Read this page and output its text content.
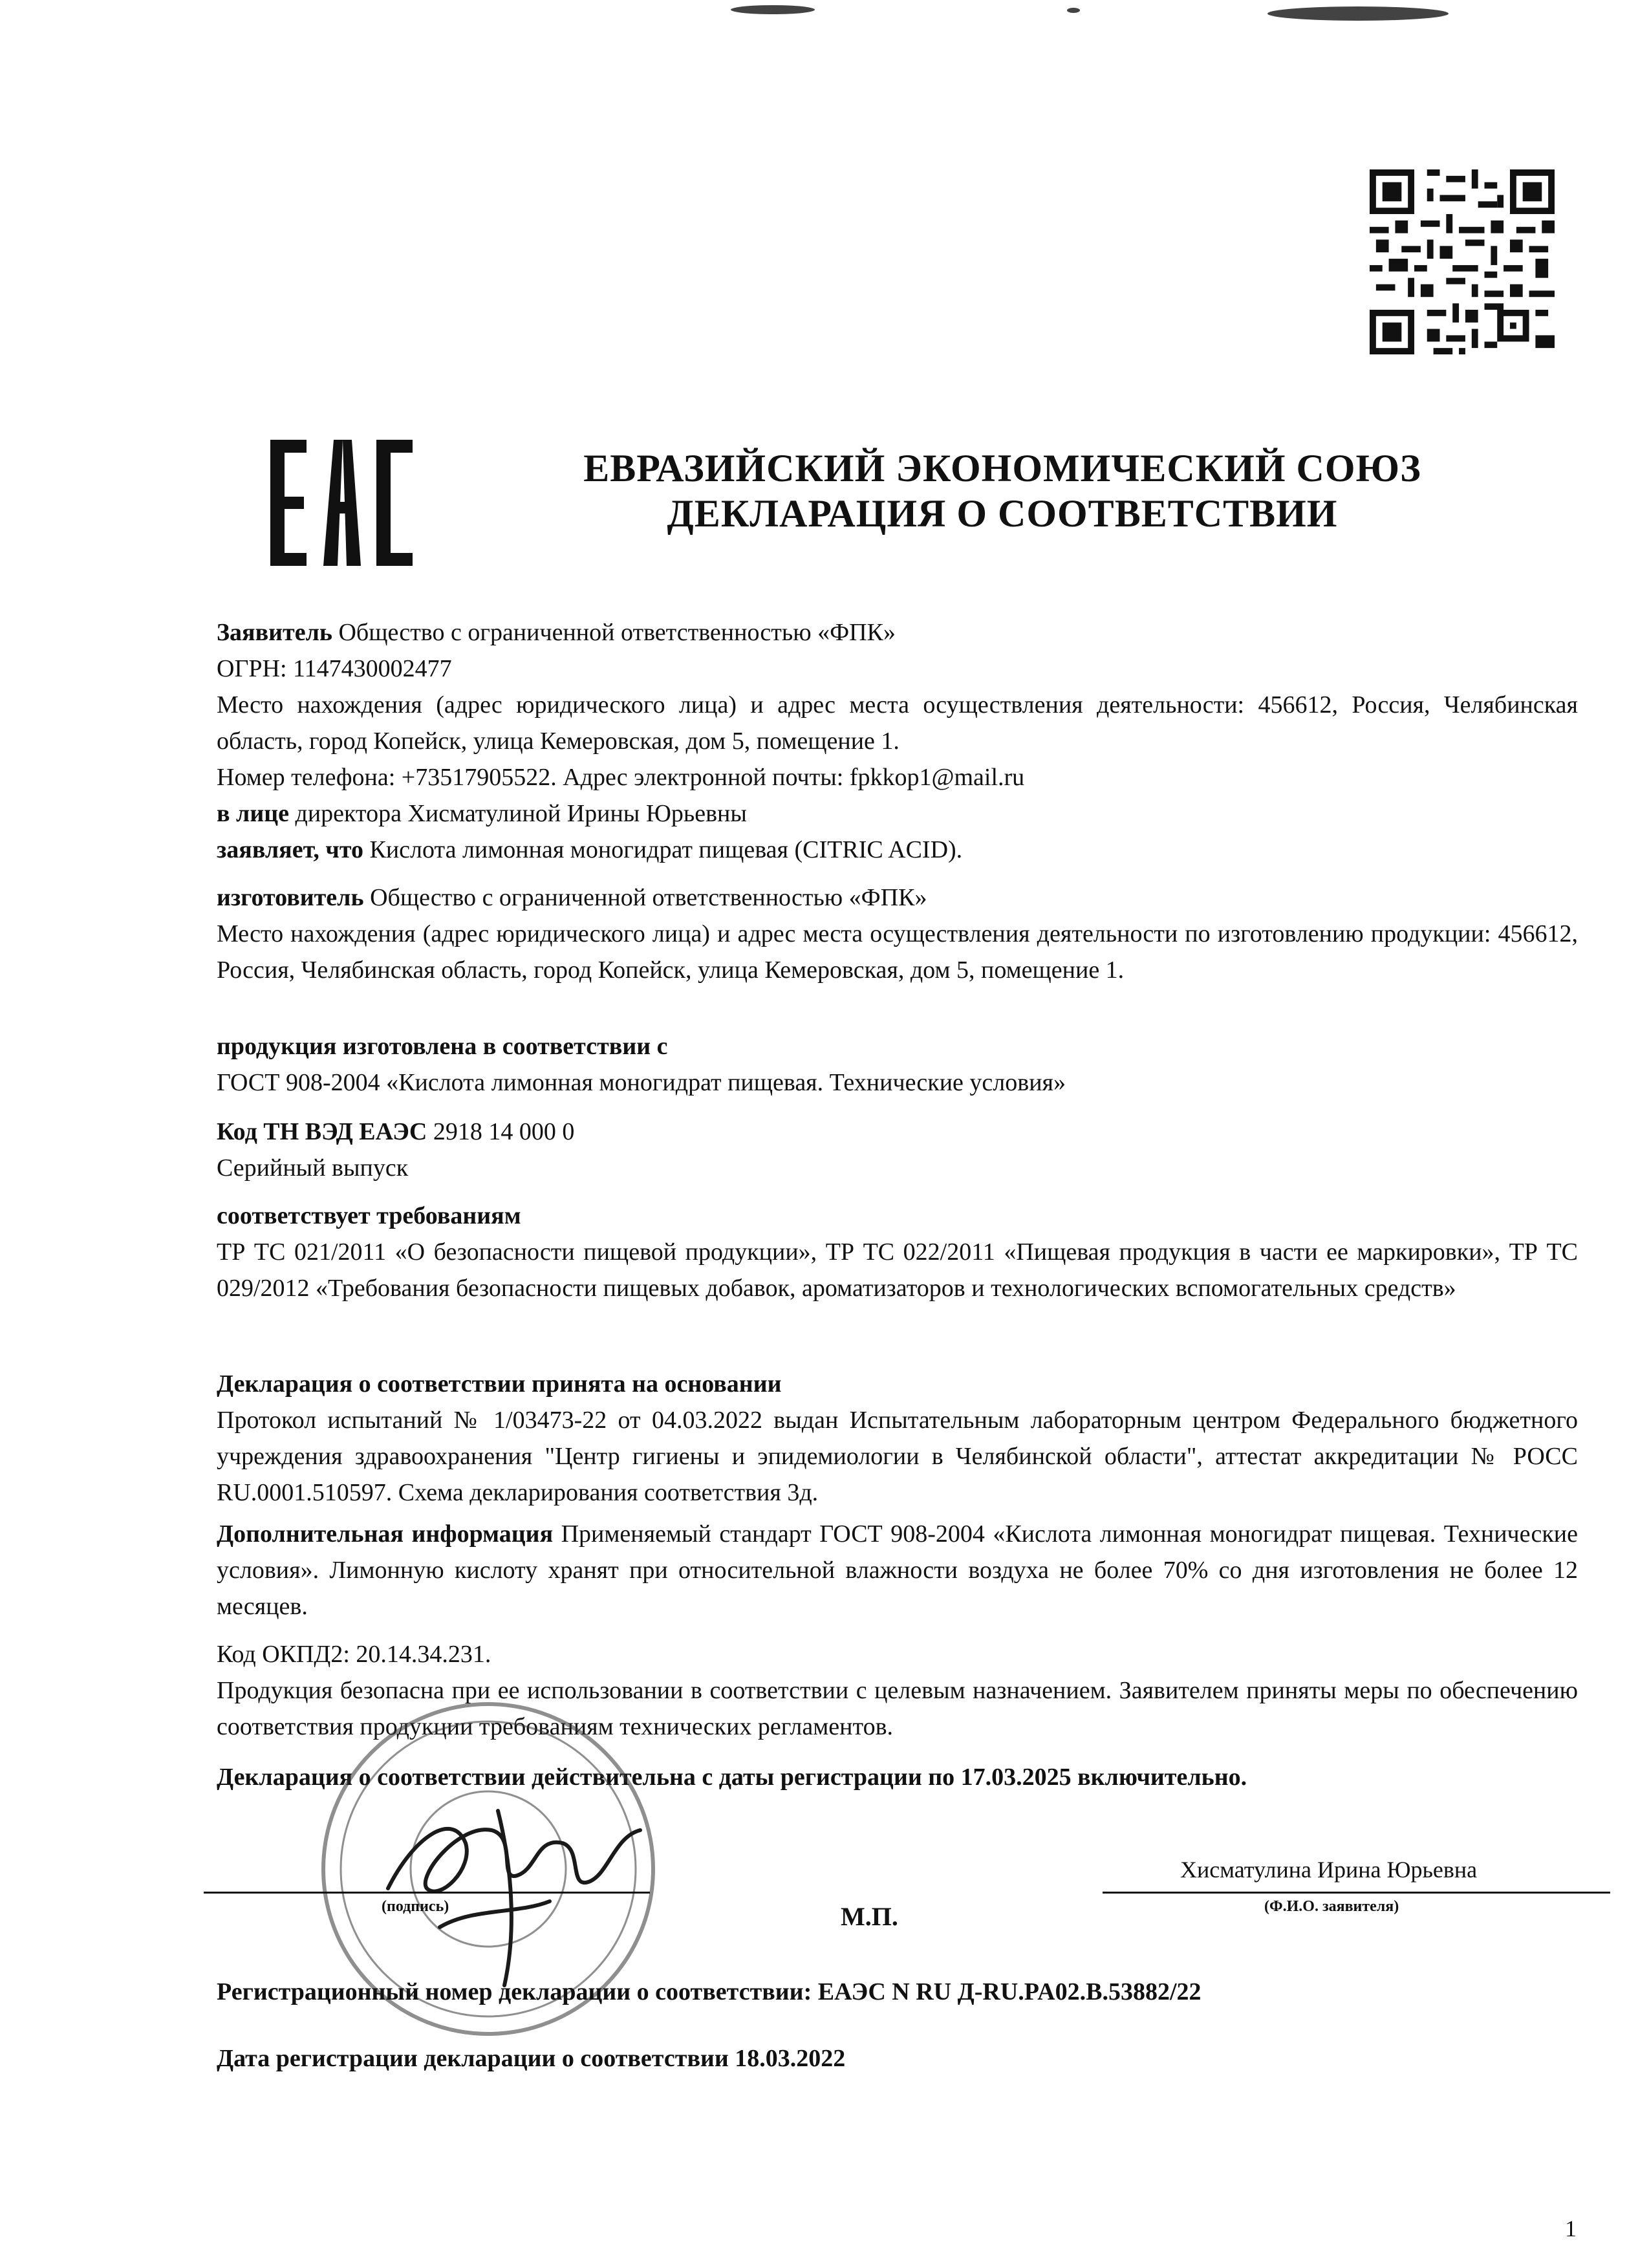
ЕВРАЗИЙСКИЙ ЭКОНОМИЧЕСКИЙ СОЮЗ
ДЕКЛАРАЦИЯ О СООТВЕТСТВИИ
Заявитель Общество с ограниченной ответственностью «ФПК»
ОГРН: 1147430002477
Место нахождения (адрес юридического лица) и адрес места осуществления деятельности: 456612, Россия, Челябинская область, город Копейск, улица Кемеровская, дом 5, помещение 1.
Номер телефона: +73517905522. Адрес электронной почты: fpkkop1@mail.ru
в лице директора Хисматулиной Ирины Юрьевны
заявляет, что Кислота лимонная моногидрат пищевая (CITRIC ACID).
изготовитель Общество с ограниченной ответственностью «ФПК»
Место нахождения (адрес юридического лица) и адрес места осуществления деятельности по изготовлению продукции: 456612, Россия, Челябинская область, город Копейск, улица Кемеровская, дом 5, помещение 1.
продукция изготовлена в соответствии с
ГОСТ 908-2004 «Кислота лимонная моногидрат пищевая. Технические условия»
Код ТН ВЭД ЕАЭС 2918 14 000 0
Серийный выпуск
соответствует требованиям
ТР ТС 021/2011 «О безопасности пищевой продукции», ТР ТС 022/2011 «Пищевая продукция в части ее маркировки», ТР ТС 029/2012 «Требования безопасности пищевых добавок, ароматизаторов и технологических вспомогательных средств»
Декларация о соответствии принята на основании
Протокол испытаний № 1/03473-22 от 04.03.2022 выдан Испытательным лабораторным центром Федерального бюджетного учреждения здравоохранения "Центр гигиены и эпидемиологии в Челябинской области", аттестат аккредитации № РОСС RU.0001.510597. Схема декларирования соответствия 3д.
Дополнительная информация Применяемый стандарт ГОСТ 908-2004 «Кислота лимонная моногидрат пищевая. Технические условия». Лимонную кислоту хранят при относительной влажности воздуха не более 70% со дня изготовления не более 12 месяцев.
Код ОКПД2: 20.14.34.231.
Продукция безопасна при ее использовании в соответствии с целевым назначением. Заявителем приняты меры по обеспечению соответствия продукции требованиям технических регламентов.
Декларация о соответствии действительна с даты регистрации по 17.03.2025 включительно.
(подпись)	М.П.
Хисматулина Ирина Юрьевна
(Ф.И.О. заявителя)
Регистрационный номер декларации о соответствии: ЕАЭС N RU Д-RU.PA02.B.53882/22
Дата регистрации декларации о соответствии 18.03.2022
1
